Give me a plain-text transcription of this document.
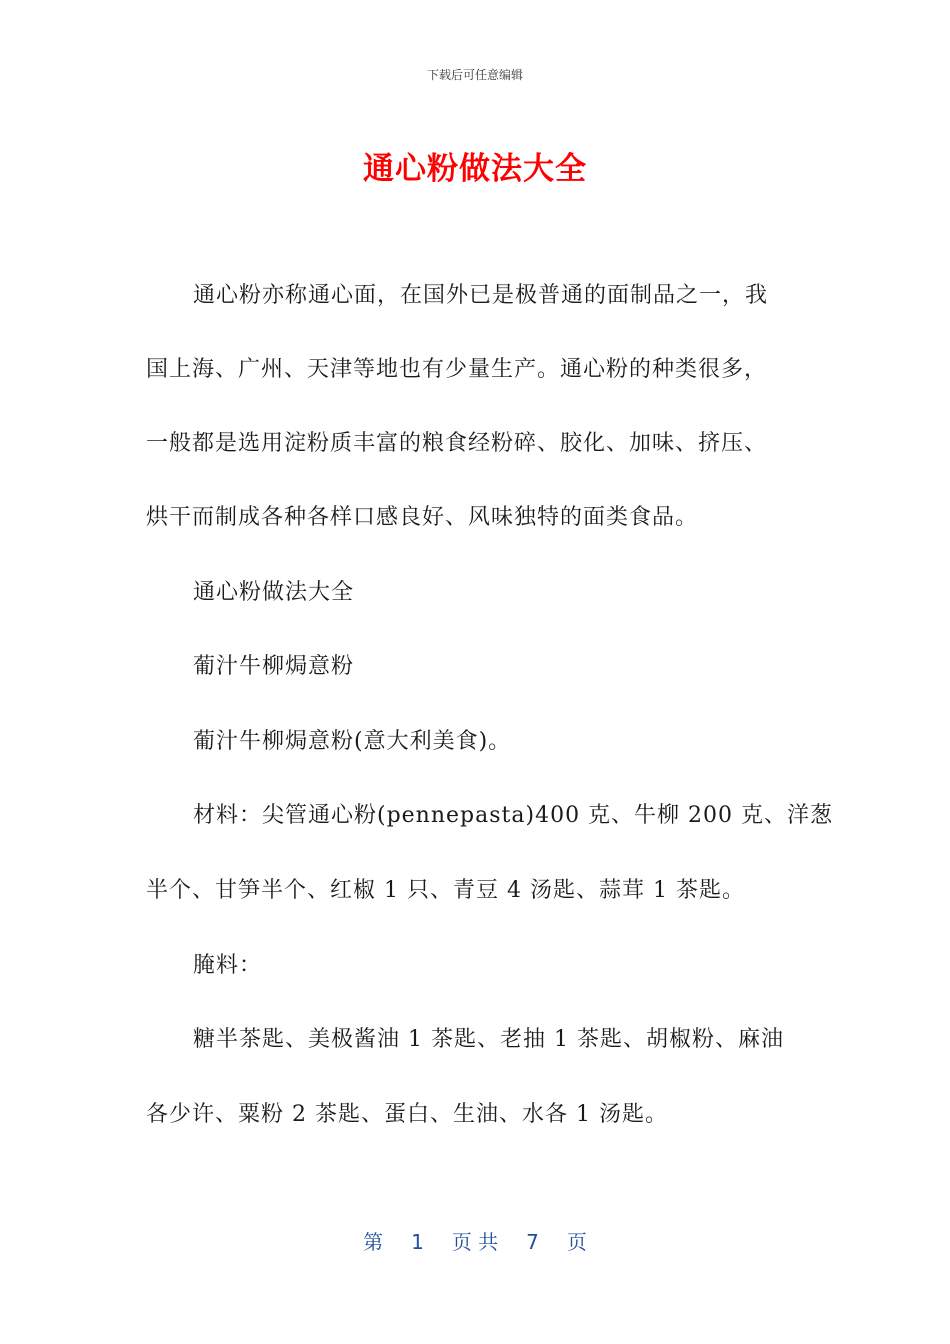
下载后可任意编辑
通心粉做法大全
通心粉亦称通心面，在国外已是极普通的面制品之一，我
国上海、广州、天津等地也有少量生产。通心粉的种类很多，
一般都是选用淀粉质丰富的粮食经粉碎、胶化、加味、挤压、
烘干而制成各种各样口感良好、风味独特的面类食品。
通心粉做法大全
葡汁牛柳焗意粉
葡汁牛柳焗意粉(意大利美食)。
材料：尖管通心粉(pennepasta)400 克、牛柳 200 克、洋葱
半个、甘笋半个、红椒 1 只、青豆 4 汤匙、蒜茸 1 茶匙。
腌料：
糖半茶匙、美极酱油 1 茶匙、老抽 1 茶匙、胡椒粉、麻油
各少许、粟粉 2 茶匙、蛋白、生油、水各 1 汤匙。
第 1 页 共 7 页
